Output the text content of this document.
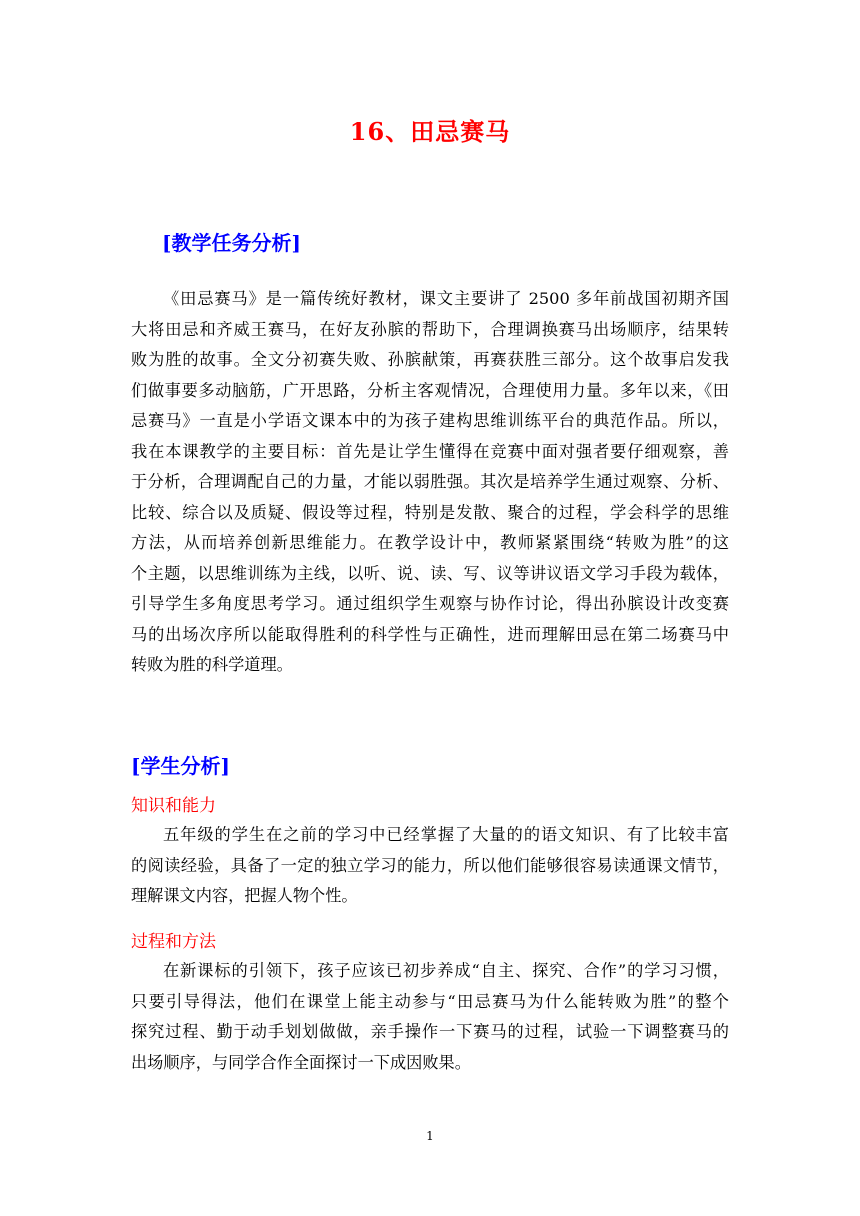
16、田忌赛马
[教学任务分析]
《田忌赛马》是一篇传统好教材，课文主要讲了 2500 多年前战国初期齐国
大将田忌和齐威王赛马，在好友孙膑的帮助下，合理调换赛马出场顺序，结果转
败为胜的故事。全文分初赛失败、孙膑献策，再赛获胜三部分。这个故事启发我
们做事要多动脑筋，广开思路，分析主客观情况，合理使用力量。多年以来，《田
忌赛马》一直是小学语文课本中的为孩子建构思维训练平台的典范作品。所以，
我在本课教学的主要目标：首先是让学生懂得在竞赛中面对强者要仔细观察，善
于分析，合理调配自己的力量，才能以弱胜强。其次是培养学生通过观察、分析、
比较、综合以及质疑、假设等过程，特别是发散、聚合的过程，学会科学的思维
方法，从而培养创新思维能力。在教学设计中，教师紧紧围绕“转败为胜”的这
个主题，以思维训练为主线，以听、说、读、写、议等讲议语文学习手段为载体，
引导学生多角度思考学习。通过组织学生观察与协作讨论，得出孙膑设计改变赛
马的出场次序所以能取得胜利的科学性与正确性，进而理解田忌在第二场赛马中
转败为胜的科学道理。
[学生分析]
知识和能力
五年级的学生在之前的学习中已经掌握了大量的的语文知识、有了比较丰富
的阅读经验，具备了一定的独立学习的能力，所以他们能够很容易读通课文情节，
理解课文内容，把握人物个性。
过程和方法
在新课标的引领下，孩子应该已初步养成“自主、探究、合作”的学习习惯，
只要引导得法，他们在课堂上能主动参与“田忌赛马为什么能转败为胜”的整个
探究过程、勤于动手划划做做，亲手操作一下赛马的过程，试验一下调整赛马的
出场顺序，与同学合作全面探讨一下成因败果。
1
